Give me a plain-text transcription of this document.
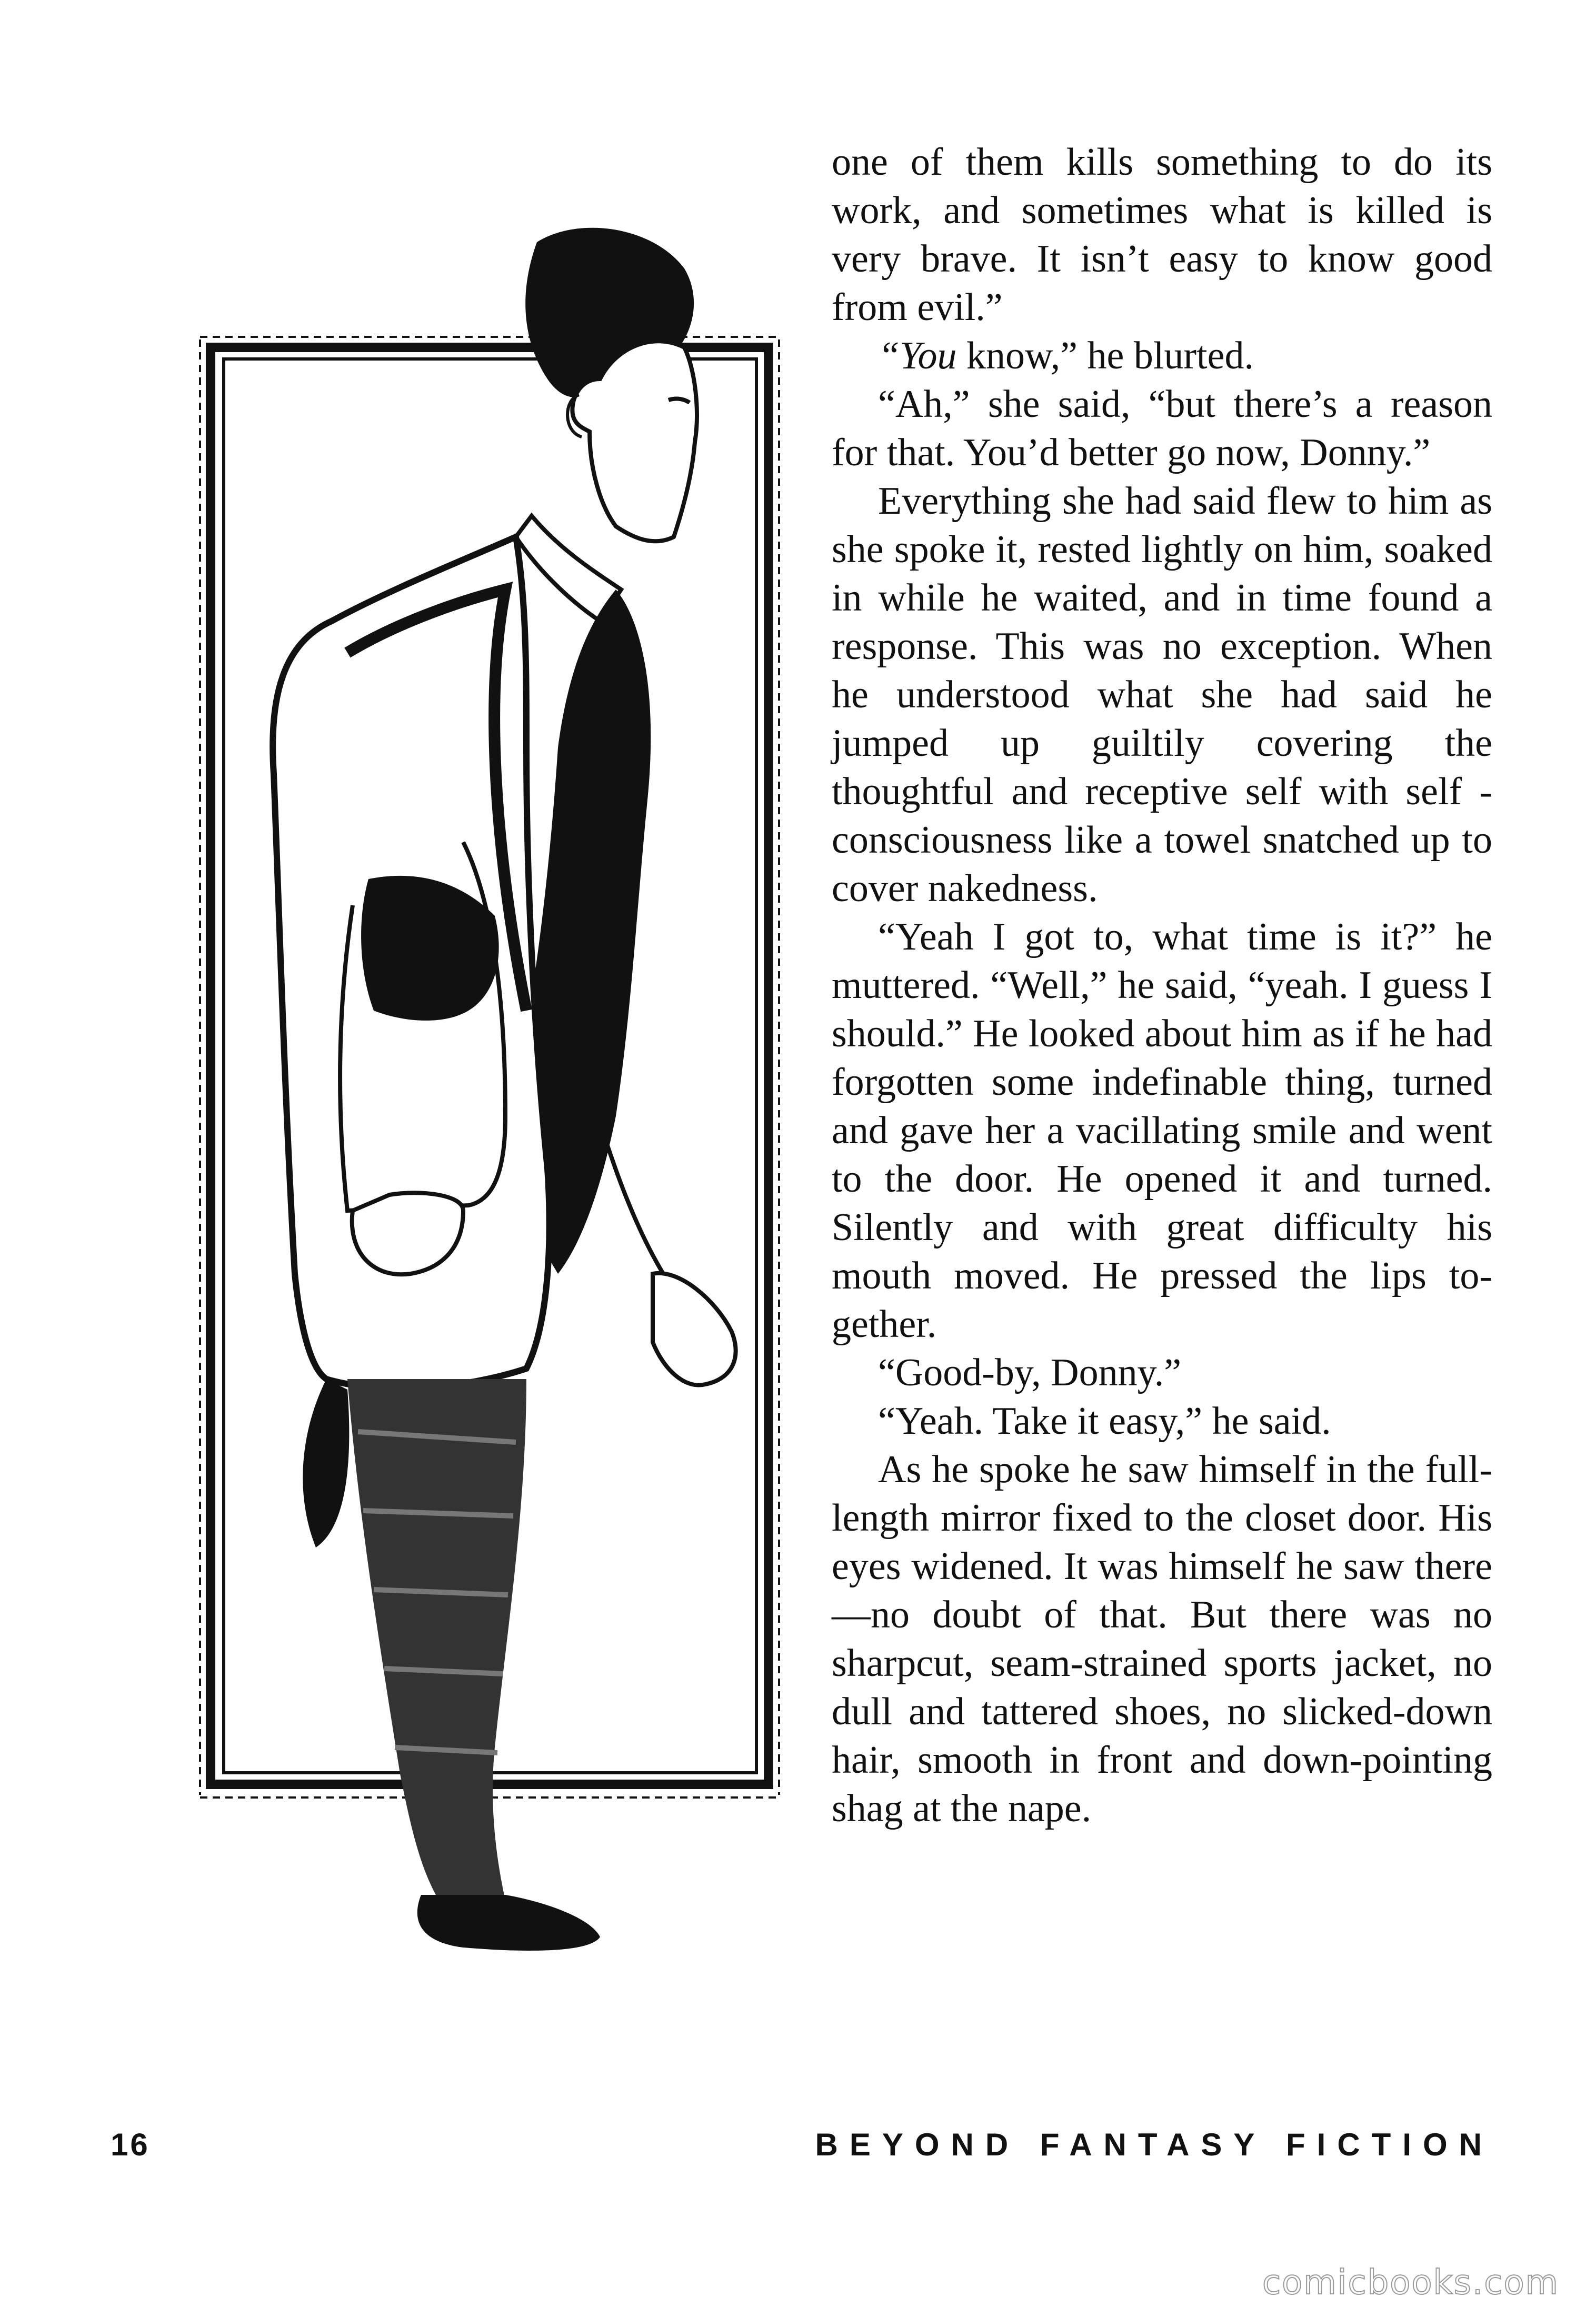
one of them kills something to do its work, and sometimes what is killed is very brave. It isn’t easy to know good from evil.”

“You know,” he blurted.

“Ah,” she said, “but there’s a reason for that. You’d better go now, Donny.”

Everything she had said flew to him as she spoke it, rested lightly on him, soaked in while he waited, and in time found a response. This was no exception. When he understood what she had said he jumped up guiltily covering the thoughtful and receptive self with self - consciousness like a towel snatched up to cover nakedness.

“Yeah I got to, what time is it?” he muttered. “Well,” he said, “yeah. I guess I should.” He looked about him as if he had forgotten some indefinable thing, turned and gave her a vacillating smile and went to the door. He opened it and turned. Silently and with great difficulty his mouth moved. He pressed the lips together.

“Good-by, Donny.”

“Yeah. Take it easy,” he said.

As he spoke he saw himself in the full-length mirror fixed to the closet door. His eyes widened. It was himself he saw there—no doubt of that. But there was no sharpcut, seam-strained sports jacket, no dull and tattered shoes, no slicked-down hair, smooth in front and down-pointing shag at the nape.

16	BEYOND FANTASY FICTION
comicbooks.com
